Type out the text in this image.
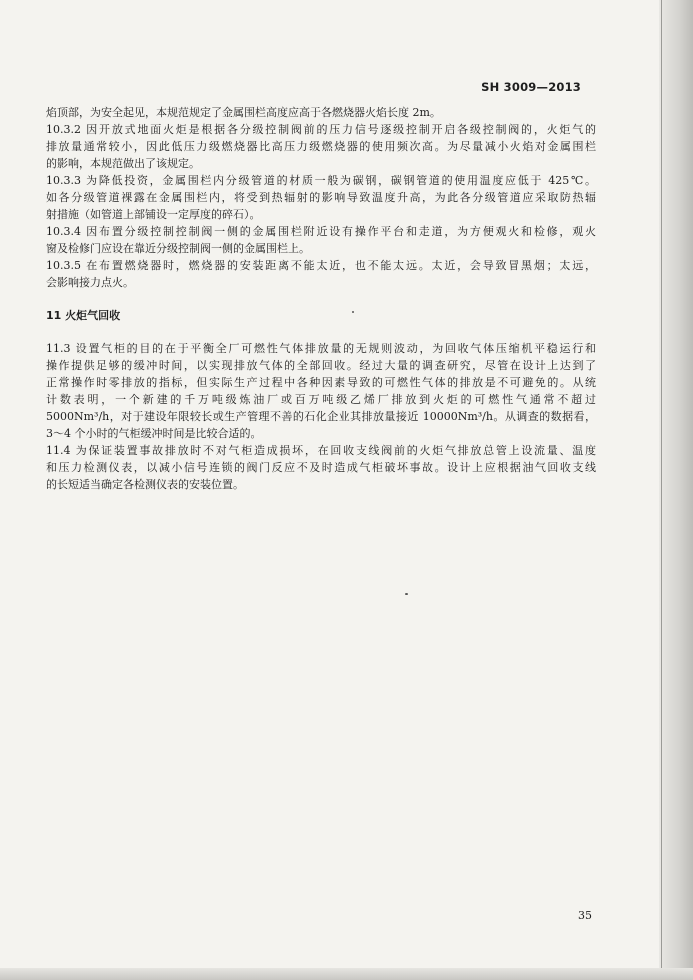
SH 3009—2013
焰顶部，为安全起见，本规范规定了金属围栏高度应高于各燃烧器火焰长度 2m。
10.3.2 因开放式地面火炬是根据各分级控制阀前的压力信号逐级控制开启各级控制阀的，火炬气的
排放量通常较小，因此低压力级燃烧器比高压力级燃烧器的使用频次高。为尽量减小火焰对金属围栏
的影响，本规范做出了该规定。
10.3.3 为降低投资，金属围栏内分级管道的材质一般为碳钢，碳钢管道的使用温度应低于 425℃。
如各分级管道裸露在金属围栏内，将受到热辐射的影响导致温度升高，为此各分级管道应采取防热辐
射措施（如管道上部铺设一定厚度的碎石）。
10.3.4 因布置分级控制控制阀一侧的金属围栏附近设有操作平台和走道，为方便观火和检修，观火
窗及检修门应设在靠近分级控制阀一侧的金属围栏上。
10.3.5 在布置燃烧器时，燃烧器的安装距离不能太近，也不能太远。太近，会导致冒黑烟；太远，
会影响接力点火。
11 火炬气回收
11.3 设置气柜的目的在于平衡全厂可燃性气体排放量的无规则波动，为回收气体压缩机平稳运行和
操作提供足够的缓冲时间，以实现排放气体的全部回收。经过大量的调查研究，尽管在设计上达到了
正常操作时零排放的指标，但实际生产过程中各种因素导致的可燃性气体的排放是不可避免的。从统
计数表明，一个新建的千万吨级炼油厂或百万吨级乙烯厂排放到火炬的可燃性气通常不超过
5000Nm³/h，对于建设年限较长或生产管理不善的石化企业其排放量接近 10000Nm³/h。从调查的数据看，
3～4 个小时的气柜缓冲时间是比较合适的。
11.4 为保证装置事故排放时不对气柜造成损坏，在回收支线阀前的火炬气排放总管上设流量、温度
和压力检测仪表，以减小信号连锁的阀门反应不及时造成气柜破坏事故。设计上应根据油气回收支线
的长短适当确定各检测仪表的安装位置。
35
